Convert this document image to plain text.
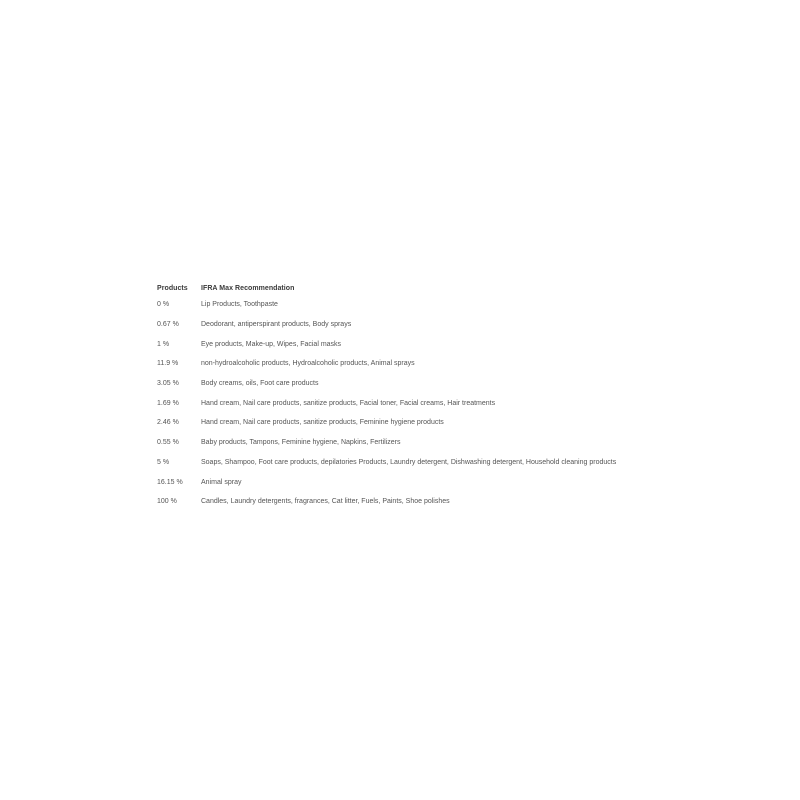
Products	IFRA Max Recommendation
0 %	Lip Products, Toothpaste
0.67 %	Deodorant, antiperspirant products, Body sprays
1 %	Eye products, Make-up, Wipes, Facial masks
11.9 %	non-hydroalcoholic products, Hydroalcoholic products, Animal sprays
3.05 %	Body creams, oils, Foot care products
1.69 %	Hand cream, Nail care products, sanitize products, Facial toner, Facial creams, Hair treatments
2.46 %	Hand cream, Nail care products, sanitize products, Feminine hygiene products
0.55 %	Baby products, Tampons, Feminine hygiene, Napkins, Fertilizers
5 %	Soaps, Shampoo, Foot care products, depilatories Products, Laundry detergent, Dishwashing detergent, Household cleaning products
16.15 %	Animal spray
100 %	Candles, Laundry detergents, fragrances, Cat litter, Fuels, Paints, Shoe polishes
